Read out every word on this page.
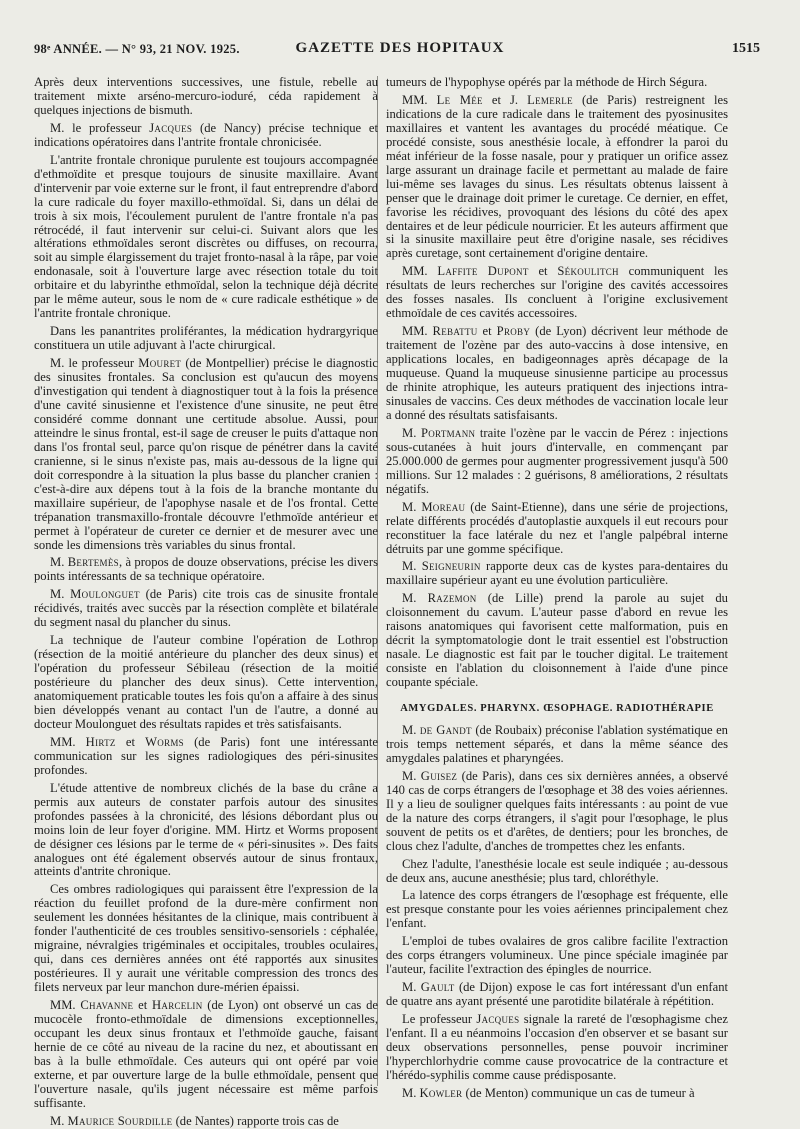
98ᵉ ANNÉE. — N° 93, 21 NOV. 1925.	GAZETTE DES HOPITAUX	1515

Après deux interventions successives, une fistule, rebelle au traitement mixte arséno-mercuro-ioduré, céda rapidement à quelques injections de bismuth.

M. le professeur Jacques (de Nancy) précise technique et indications opératoires dans l'antrite frontale chronicisée.

L'antrite frontale chronique purulente est toujours accompagnée d'ethmoïdite et presque toujours de sinusite maxillaire. Avant d'intervenir par voie externe sur le front, il faut entreprendre d'abord la cure radicale du foyer maxillo-ethmoïdal. Si, dans un délai de trois à six mois, l'écoulement purulent de l'antre frontale n'a pas rétrocédé, il faut intervenir sur celui-ci. Suivant alors que les altérations ethmoïdales seront discrètes ou diffuses, on recourra, soit au simple élargissement du trajet fronto-nasal à la râpe, par voie endonasale, soit à l'ouverture large avec résection totale du toit orbitaire et du labyrinthe ethmoïdal, selon la technique déjà décrite par le même auteur, sous le nom de « cure radicale esthétique » de l'antrite frontale chronique.

Dans les panantrites proliférantes, la médication hydrargyrique constituera un utile adjuvant à l'acte chirurgical.

M. le professeur Mouret (de Montpellier) précise le diagnostic des sinusites frontales. Sa conclusion est qu'aucun des moyens d'investigation qui tendent à diagnostiquer tout à la fois la présence d'une cavité sinusienne et l'existence d'une sinusite, ne peut être considéré comme donnant une certitude absolue. Aussi, pour atteindre le sinus frontal, est-il sage de creuser le puits d'attaque non dans l'os frontal seul, parce qu'on risque de pénétrer dans la cavité cranienne, si le sinus n'existe pas, mais au-dessous de la ligne qui doit correspondre à la situation la plus basse du plancher cranien : c'est-à-dire aux dépens tout à la fois de la branche montante du maxillaire supérieur, de l'apophyse nasale et de l'os frontal. Cette trépanation transmaxillo-frontale découvre l'ethmoïde antérieur et permet à l'opérateur de cureter ce dernier et de mesurer avec une sonde les dimensions très variables du sinus frontal.

M. Bertemès, à propos de douze observations, précise les divers points intéressants de sa technique opératoire.

M. Moulonguet (de Paris) cite trois cas de sinusite frontale récidivés, traités avec succès par la résection complète et bilatérale du segment nasal du plancher du sinus.

La technique de l'auteur combine l'opération de Lothrop (résection de la moitié antérieure du plancher des deux sinus) et l'opération du professeur Sébileau (résection de la moitié postérieure du plancher des deux sinus). Cette intervention, anatomiquement praticable toutes les fois qu'on a affaire à des sinus bien développés venant au contact l'un de l'autre, a donné au docteur Moulonguet des résultats rapides et très satisfaisants.

MM. Hirtz et Worms (de Paris) font une intéressante communication sur les signes radiologiques des péri-sinusites profondes.

L'étude attentive de nombreux clichés de la base du crâne a permis aux auteurs de constater parfois autour des sinusites profondes passées à la chronicité, des lésions débordant plus ou moins loin de leur foyer d'origine. MM. Hirtz et Worms proposent de désigner ces lésions par le terme de « péri-sinusites ». Des faits analogues ont été également observés autour de sinus frontaux, atteints d'antrite chronique.

Ces ombres radiologiques qui paraissent être l'expression de la réaction du feuillet profond de la dure-mère confirment non seulement les données hésitantes de la clinique, mais contribuent à fonder l'authenticité de ces troubles sensitivo-sensoriels : céphalée, migraine, névralgies trigéminales et occipitales, troubles oculaires, qui, dans ces dernières années ont été rapportés aux sinusites postérieures. Il y aurait une véritable compression des troncs des filets nerveux par leur manchon dure-mérien épaissi.

MM. Chavanne et Harcelin (de Lyon) ont observé un cas de mucocèle fronto-ethmoïdale de dimensions exceptionnelles, occupant les deux sinus frontaux et l'ethmoïde gauche, faisant hernie de ce côté au niveau de la racine du nez, et aboutissant en bas à la bulle ethmoïdale. Ces auteurs qui ont opéré par voie externe, et par ouverture large de la bulle ethmoïdale, pensent que l'ouverture nasale, qu'ils jugent nécessaire est même parfois suffisante.

M. Maurice Sourdille (de Nantes) rapporte trois cas de

tumeurs de l'hypophyse opérés par la méthode de Hirch Ségura.

MM. Le Mée et J. Lemerle (de Paris) restreignent les indications de la cure radicale dans le traitement des pyosinusites maxillaires et vantent les avantages du procédé méatique. Ce procédé consiste, sous anesthésie locale, à effondrer la paroi du méat inférieur de la fosse nasale, pour y pratiquer un orifice assez large assurant un drainage facile et permettant au malade de faire lui-même ses lavages du sinus. Les résultats obtenus laissent à penser que le drainage doit primer le curetage. Ce dernier, en effet, favorise les récidives, provoquant des lésions du côté des apex dentaires et de leur pédicule nourricier. Et les auteurs affirment que si la sinusite maxillaire peut être d'origine nasale, ses récidives après curetage, sont certainement d'origine dentaire.

MM. Laffite Dupont et Sékoulitch communiquent les résultats de leurs recherches sur l'origine des cavités accessoires des fosses nasales. Ils concluent à l'origine exclusivement ethmoïdale de ces cavités accessoires.

MM. Rebattu et Proby (de Lyon) décrivent leur méthode de traitement de l'ozène par des auto-vaccins à dose intensive, en applications locales, en badigeonnages après décapage de la muqueuse. Quand la muqueuse sinusienne participe au processus de rhinite atrophique, les auteurs pratiquent des injections intra-sinusales de vaccins. Ces deux méthodes de vaccination locale leur a donné des résultats satisfaisants.

M. Portmann traite l'ozène par le vaccin de Pérez : injections sous-cutanées à huit jours d'intervalle, en commençant par 25.000.000 de germes pour augmenter progressivement jusqu'à 500 millions. Sur 12 malades : 2 guérisons, 8 améliorations, 2 résultats négatifs.

M. Moreau (de Saint-Etienne), dans une série de projections, relate différents procédés d'autoplastie auxquels il eut recours pour reconstituer la face latérale du nez et l'angle palpébral interne détruits par une gomme spécifique.

M. Seigneurin rapporte deux cas de kystes para-dentaires du maxillaire supérieur ayant eu une évolution particulière.

M. Razemon (de Lille) prend la parole au sujet du cloisonnement du cavum. L'auteur passe d'abord en revue les raisons anatomiques qui favorisent cette malformation, puis en décrit la symptomatologie dont le trait essentiel est l'obstruction nasale. Le diagnostic est fait par le toucher digital. Le traitement consiste en l'ablation du cloisonnement à l'aide d'une pince coupante spéciale.

AMYGDALES. PHARYNX. ŒSOPHAGE. RADIOTHÉRAPIE

M. de Gandt (de Roubaix) préconise l'ablation systématique en trois temps nettement séparés, et dans la même séance des amygdales palatines et pharyngées.

M. Guisez (de Paris), dans ces six dernières années, a observé 140 cas de corps étrangers de l'œsophage et 38 des voies aériennes. Il y a lieu de souligner quelques faits intéressants : au point de vue de la nature des corps étrangers, il s'agit pour l'œsophage, le plus souvent de petits os et d'arêtes, de dentiers; pour les bronches, de clous chez l'adulte, d'anches de trompettes chez les enfants.

Chez l'adulte, l'anesthésie locale est seule indiquée ; au-dessous de deux ans, aucune anesthésie; plus tard, chloréthyle.

La latence des corps étrangers de l'œsophage est fréquente, elle est presque constante pour les voies aériennes principalement chez l'enfant.

L'emploi de tubes ovalaires de gros calibre facilite l'extraction des corps étrangers volumineux. Une pince spéciale imaginée par l'auteur, facilite l'extraction des épingles de nourrice.

M. Gault (de Dijon) expose le cas fort intéressant d'un enfant de quatre ans ayant présenté une parotidite bilatérale à répétition.

Le professeur Jacques signale la rareté de l'œsophagisme chez l'enfant. Il a eu néanmoins l'occasion d'en observer et se basant sur deux observations personnelles, pense pouvoir incriminer l'hyperchlorhydrie comme cause provocatrice de la contracture et l'hérédo-syphilis comme cause prédisposante.

M. Kowler (de Menton) communique un cas de tumeur à
